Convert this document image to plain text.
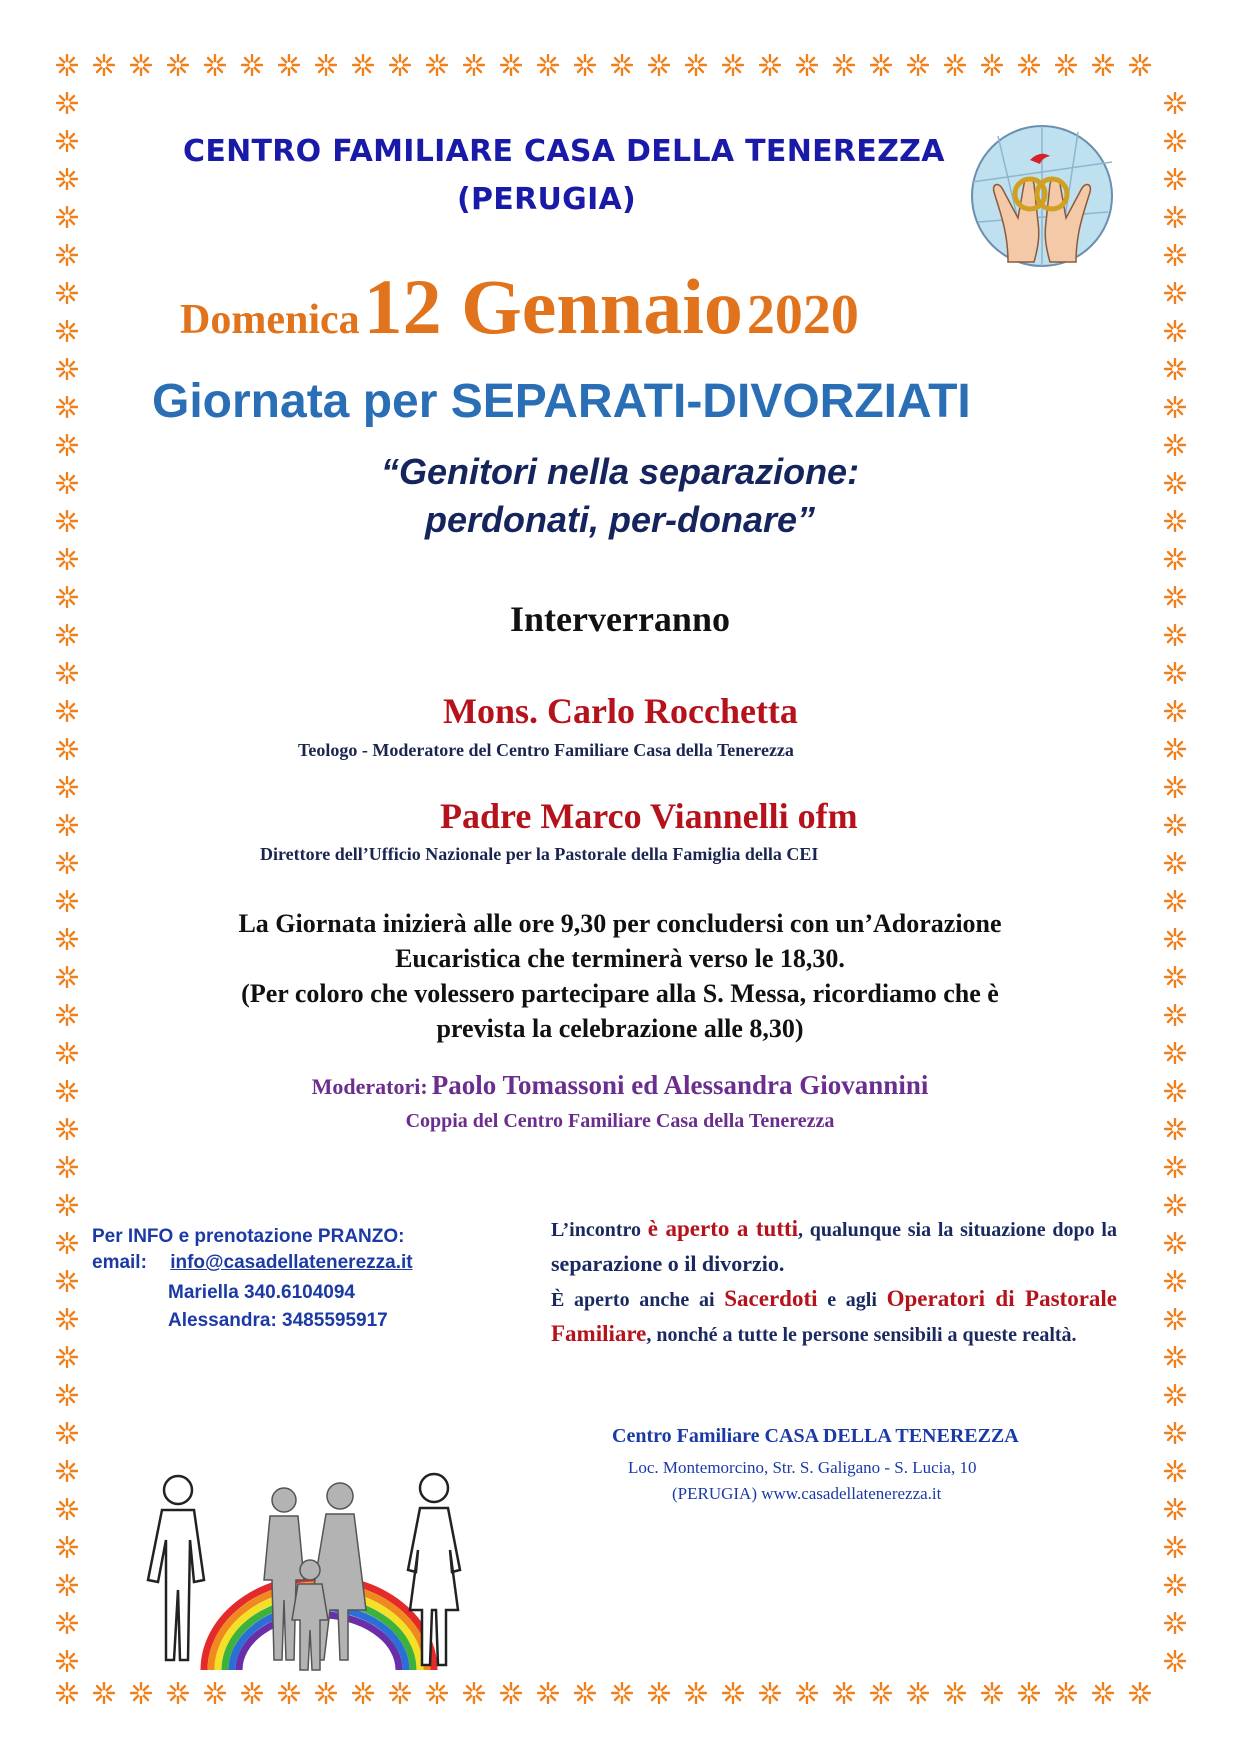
CENTRO FAMILIARE CASA DELLA TENEREZZA
(PERUGIA)
Domenica 12 Gennaio 2020
Giornata per SEPARATI-DIVORZIATI
“Genitori nella separazione:
perdonati, per-donare”
Interverranno
Mons. Carlo Rocchetta
Teologo - Moderatore del Centro Familiare Casa della Tenerezza
Padre Marco Viannelli ofm
Direttore dell’Ufficio Nazionale per la Pastorale della Famiglia della CEI
La Giornata inizierà alle ore 9,30 per concludersi con un’Adorazione
Eucaristica che terminerà verso le 18,30.
(Per coloro che volessero partecipare alla S. Messa, ricordiamo che è
prevista la celebrazione alle 8,30)
Moderatori: Paolo Tomassoni ed Alessandra Giovannini
Coppia del Centro Familiare Casa della Tenerezza
Per INFO e prenotazione PRANZO:
email: info@casadellatenerezza.it
Mariella 340.6104094
Alessandra: 3485595917
L’incontro è aperto a tutti, qualunque sia la situazione dopo la separazione o il divorzio.
È aperto anche ai Sacerdoti e agli Operatori di Pastorale Familiare, nonché a tutte le persone sensibili a queste realtà.
Centro Familiare CASA DELLA TENEREZZA
Loc. Montemorcino, Str. S. Galigano - S. Lucia, 10
(PERUGIA) www.casadellatenerezza.it
